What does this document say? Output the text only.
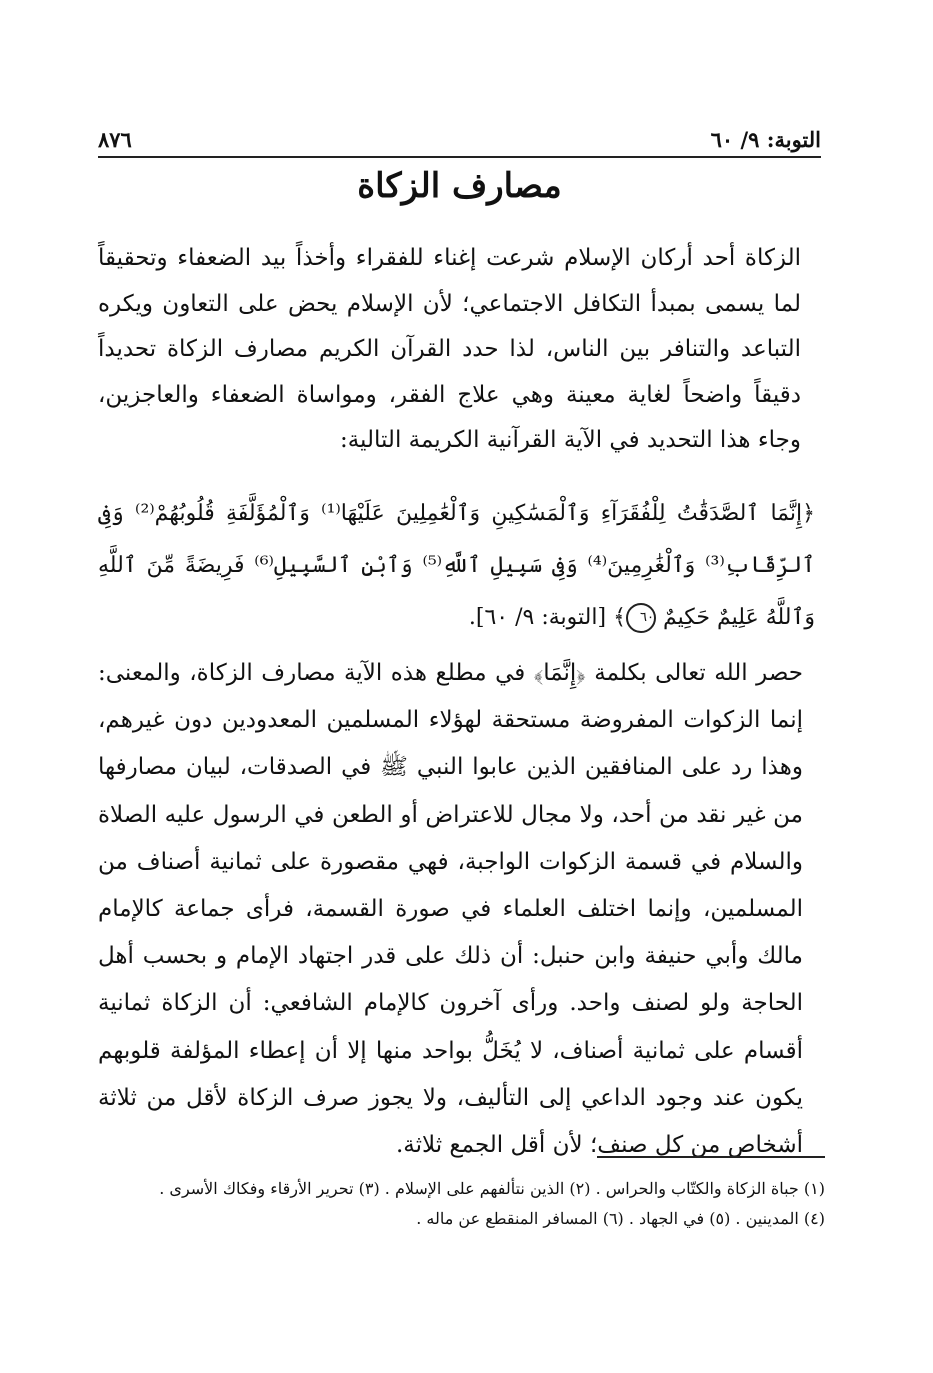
التوبة: ٩/ ٦٠
٨٧٦
مصارف الزكاة

الزكاة أحد أركان الإسلام شرعت إغناء للفقراء وأخذاً بيد الضعفاء وتحقيقاً لما يسمى بمبدأ التكافل الاجتماعي؛ لأن الإسلام يحض على التعاون ويكره التباعد والتنافر بين الناس، لذا حدد القرآن الكريم مصارف الزكاة تحديداً دقيقاً واضحاً لغاية معينة وهي علاج الفقر، ومواساة الضعفاء والعاجزين، وجاء هذا التحديد في الآية القرآنية الكريمة التالية:

﴿إِنَّمَا ٱلصَّدَقَٰتُ لِلْفُقَرَآءِ وَٱلْمَسَٰكِينِ وَٱلْعَٰمِلِينَ عَلَيْهَا⁽¹⁾ وَٱلْمُؤَلَّفَةِ قُلُوبُهُمْ⁽²⁾ وَفِى ٱلرِّقَابِ⁽³⁾ وَٱلْغَٰرِمِينَ⁽⁴⁾ وَفِى سَبِيلِ ٱللَّهِ⁽⁵⁾ وَٱبْنِ ٱلسَّبِيلِ⁽⁶⁾ فَرِيضَةً مِّنَ ٱللَّهِ وَٱللَّهُ عَلِيمٌ حَكِيمٌ ٦٠﴾ [التوبة: ٩/ ٦٠].

حصر الله تعالى بكلمة ﴿إِنَّمَا﴾ في مطلع هذه الآية مصارف الزكاة، والمعنى: إنما الزكوات المفروضة مستحقة لهؤلاء المسلمين المعدودين دون غيرهم، وهذا رد على المنافقين الذين عابوا النبي ﷺ في الصدقات، لبيان مصارفها من غير نقد من أحد، ولا مجال للاعتراض أو الطعن في الرسول عليه الصلاة والسلام في قسمة الزكوات الواجبة، فهي مقصورة على ثمانية أصناف من المسلمين، وإنما اختلف العلماء في صورة القسمة، فرأى جماعة كالإمام مالك وأبي حنيفة وابن حنبل: أن ذلك على قدر اجتهاد الإمام و بحسب أهل الحاجة ولو لصنف واحد. ورأى آخرون كالإمام الشافعي: أن الزكاة ثمانية أقسام على ثمانية أصناف، لا يُخَلُّ بواحد منها إلا أن إعطاء المؤلفة قلوبهم يكون عند وجود الداعي إلى التأليف، ولا يجوز صرف الزكاة لأقل من ثلاثة أشخاص من كل صنف؛ لأن أقل الجمع ثلاثة.

(١) جباة الزكاة والكتّاب والحراس . (٢) الذين نتألفهم على الإسلام . (٣) تحرير الأرقاء وفكاك الأسرى .
(٤) المدينين . (٥) في الجهاد . (٦) المسافر المنقطع عن ماله .
